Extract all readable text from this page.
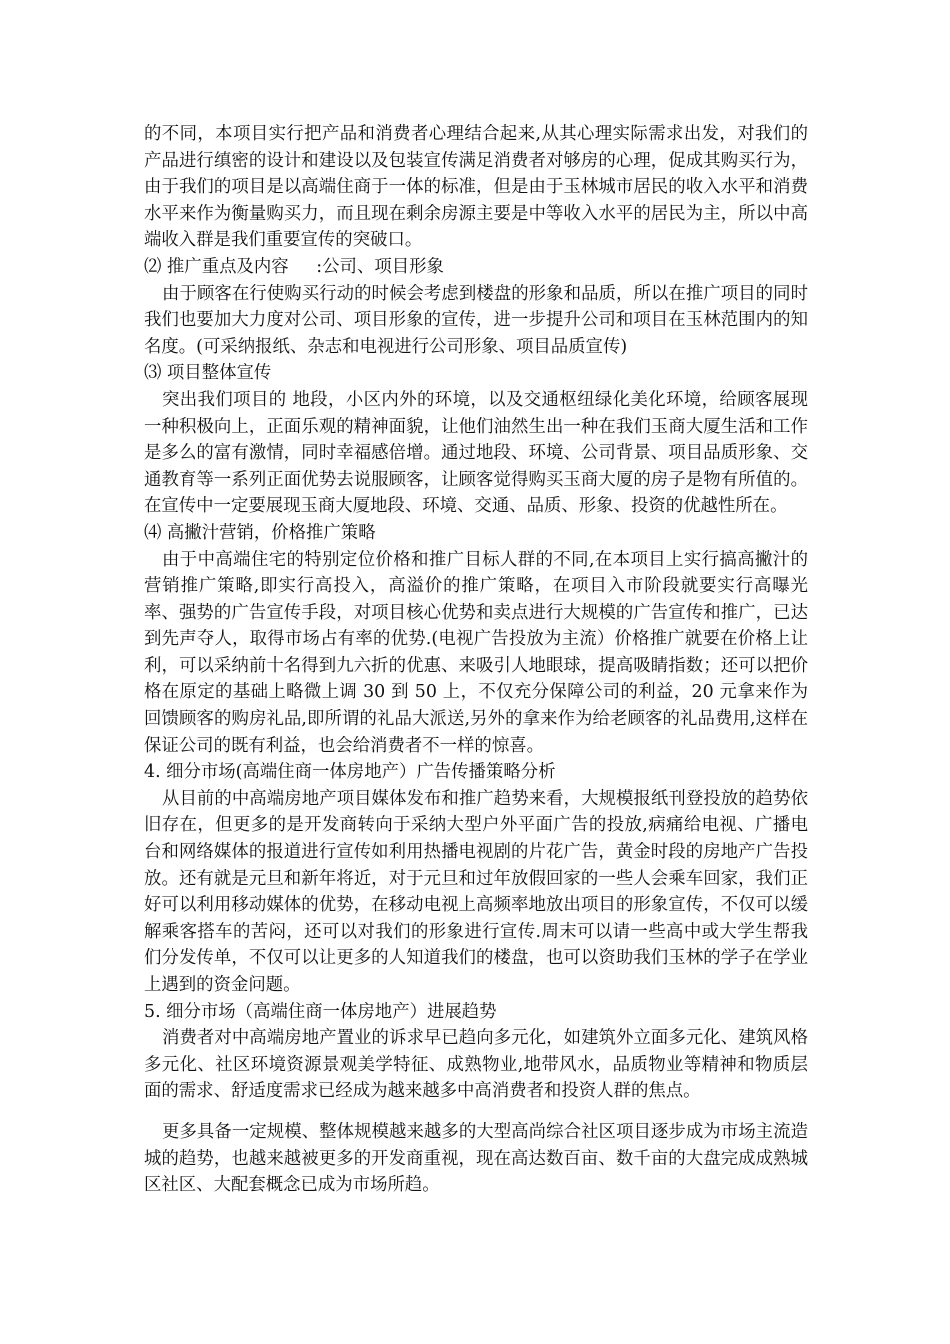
的不同，本项目实行把产品和消费者心理结合起来,从其心理实际需求出发，对我们的产品进行缜密的设计和建设以及包装宣传满足消费者对够房的心理，促成其购买行为，由于我们的项目是以高端住商于一体的标准，但是由于玉林城市居民的收入水平和消费水平来作为衡量购买力，而且现在剩余房源主要是中等收入水平的居民为主，所以中高端收入群是我们重要宣传的突破口。

⑵ 推广重点及内容     :公司、项目形象

由于顾客在行使购买行动的时候会考虑到楼盘的形象和品质，所以在推广项目的同时我们也要加大力度对公司、项目形象的宣传，进一步提升公司和项目在玉林范围内的知名度。(可采纳报纸、杂志和电视进行公司形象、项目品质宣传)

⑶ 项目整体宣传

突出我们项目的 地段，小区内外的环境，以及交通枢纽绿化美化环境，给顾客展现一种积极向上，正面乐观的精神面貌，让他们油然生出一种在我们玉商大厦生活和工作是多么的富有激情，同时幸福感倍增。通过地段、环境、公司背景、项目品质形象、交通教育等一系列正面优势去说服顾客，让顾客觉得购买玉商大厦的房子是物有所值的。在宣传中一定要展现玉商大厦地段、环境、交通、品质、形象、投资的优越性所在。

⑷ 高撇汁营销，价格推广策略

由于中高端住宅的特别定位价格和推广目标人群的不同,在本项目上实行搞高撇汁的营销推广策略,即实行高投入，高溢价的推广策略，在项目入市阶段就要实行高曝光率、强势的广告宣传手段，对项目核心优势和卖点进行大规模的广告宣传和推广，已达到先声夺人，取得市场占有率的优势.(电视广告投放为主流）价格推广就要在价格上让利，可以采纳前十名得到九六折的优惠、来吸引人地眼球，提高吸睛指数；还可以把价格在原定的基础上略微上调 30 到 50 上，不仅充分保障公司的利益，20 元拿来作为回馈顾客的购房礼品,即所谓的礼品大派送,另外的拿来作为给老顾客的礼品费用,这样在保证公司的既有利益，也会给消费者不一样的惊喜。

4. 细分市场(高端住商一体房地产）广告传播策略分析

从目前的中高端房地产项目媒体发布和推广趋势来看，大规模报纸刊登投放的趋势依旧存在，但更多的是开发商转向于采纳大型户外平面广告的投放,病痛给电视、广播电台和网络媒体的报道进行宣传如利用热播电视剧的片花广告，黄金时段的房地产广告投放。还有就是元旦和新年将近，对于元旦和过年放假回家的一些人会乘车回家，我们正好可以利用移动媒体的优势，在移动电视上高频率地放出项目的形象宣传，不仅可以缓解乘客搭车的苦闷，还可以对我们的形象进行宣传.周末可以请一些高中或大学生帮我们分发传单，不仅可以让更多的人知道我们的楼盘，也可以资助我们玉林的学子在学业上遇到的资金问题。

5. 细分市场（高端住商一体房地产）进展趋势

消费者对中高端房地产置业的诉求早已趋向多元化，如建筑外立面多元化、建筑风格多元化、社区环境资源景观美学特征、成熟物业,地带风水，品质物业等精神和物质层面的需求、舒适度需求已经成为越来越多中高消费者和投资人群的焦点。

更多具备一定规模、整体规模越来越多的大型高尚综合社区项目逐步成为市场主流造城的趋势，也越来越被更多的开发商重视，现在高达数百亩、数千亩的大盘完成成熟城区社区、大配套概念已成为市场所趋。
